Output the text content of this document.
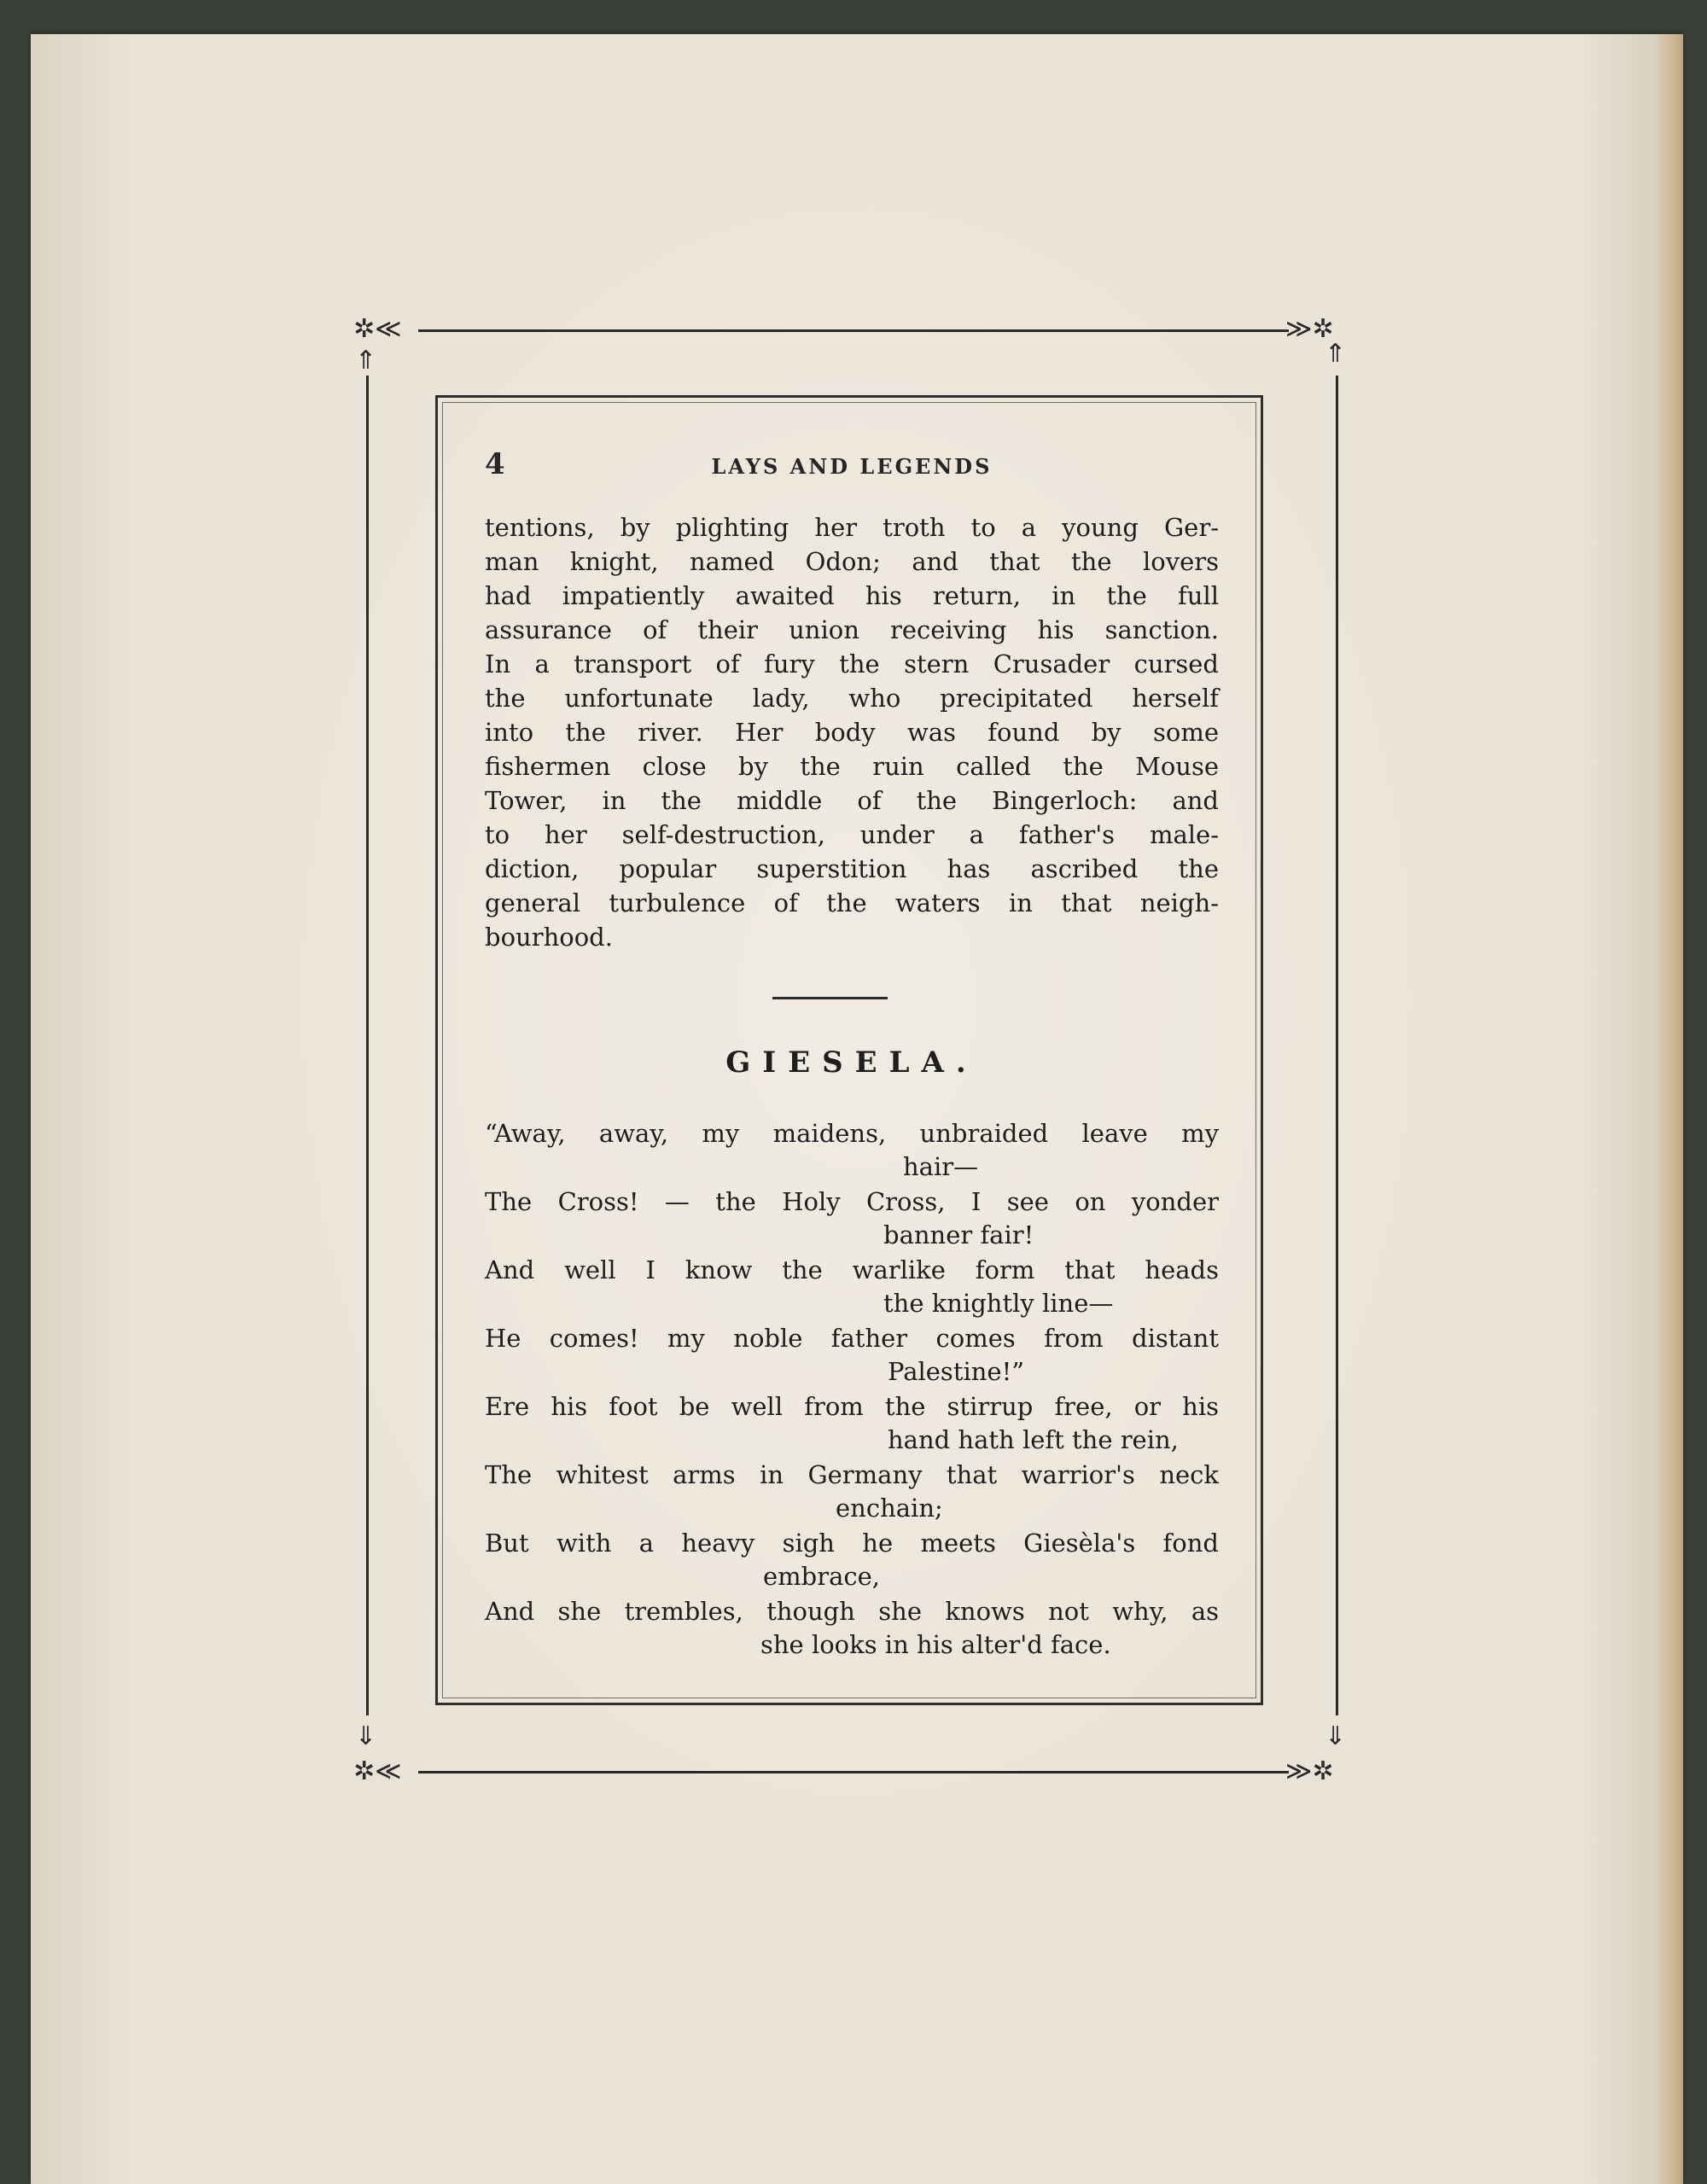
✲≪	≫✲
✲≪	≫✲
⇑	⇑
⇓	⇓
4	LAYS AND LEGENDS
tentions, by plighting her troth to a young Ger-
man knight, named Odon; and that the lovers
had impatiently awaited his return, in the full
assurance of their union receiving his sanction.
In a transport of fury the stern Crusader cursed
the unfortunate lady, who precipitated herself
into the river. Her body was found by some
fishermen close by the ruin called the Mouse
Tower, in the middle of the Bingerloch: and
to her self-destruction, under a father's male-
diction, popular superstition has ascribed the
general turbulence of the waters in that neigh-
bourhood.
GIESELA.
“Away, away, my maidens, unbraided leave my
hair—
The Cross! — the Holy Cross, I see on yonder
banner fair!
And well I know the warlike form that heads
the knightly line—
He comes! my noble father comes from distant
Palestine!”
Ere his foot be well from the stirrup free, or his
hand hath left the rein,
The whitest arms in Germany that warrior's neck
enchain;
But with a heavy sigh he meets Giesèla's fond
embrace,
And she trembles, though she knows not why, as
she looks in his alter'd face.
